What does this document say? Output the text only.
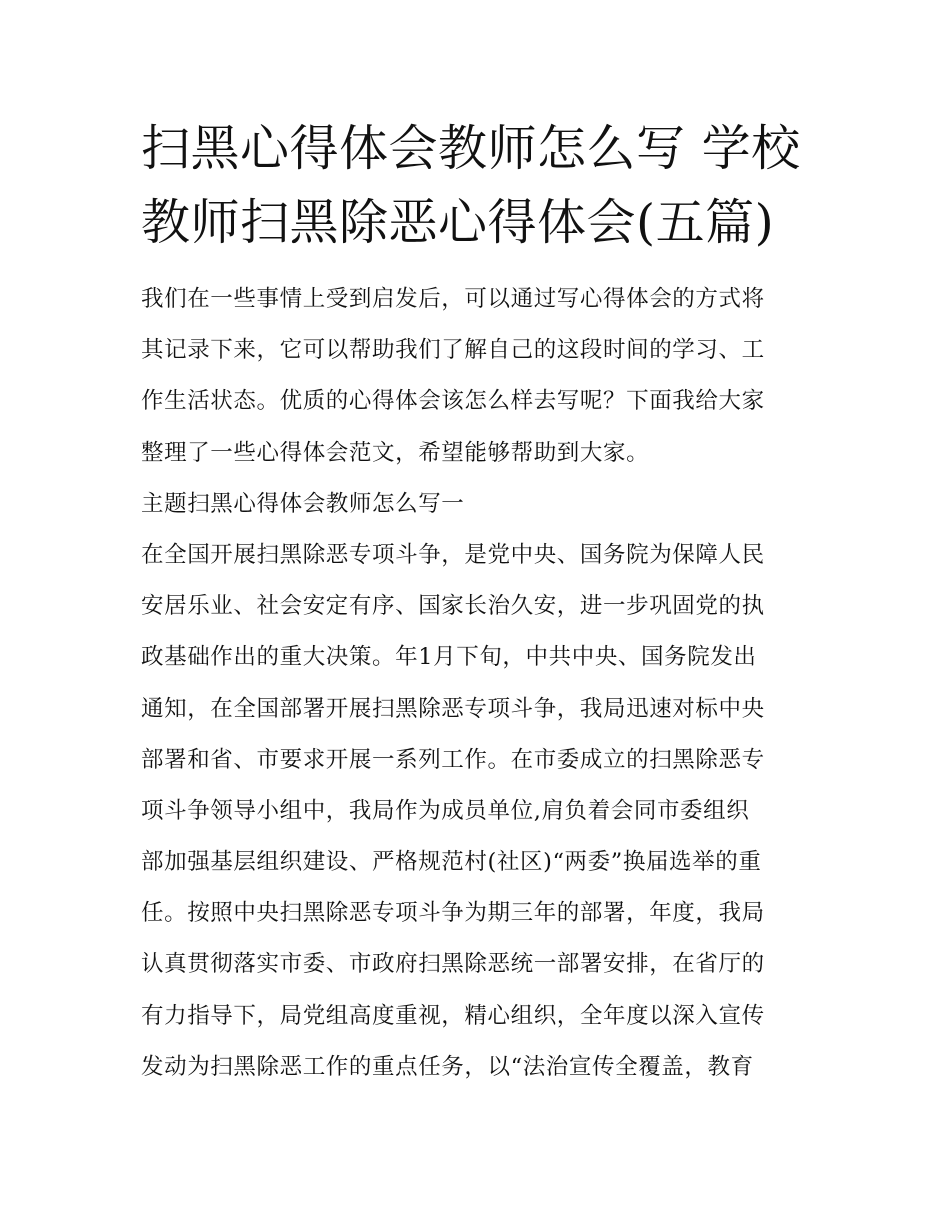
扫黑心得体会教师怎么写 学校
教师扫黑除恶心得体会(五篇)
我们在一些事情上受到启发后，可以通过写心得体会的方式将
其记录下来，它可以帮助我们了解自己的这段时间的学习、工
作生活状态。优质的心得体会该怎么样去写呢？下面我给大家
整理了一些心得体会范文，希望能够帮助到大家。
主题扫黑心得体会教师怎么写一
在全国开展扫黑除恶专项斗争，是党中央、国务院为保障人民
安居乐业、社会安定有序、国家长治久安，进一步巩固党的执
政基础作出的重大决策。年1月下旬，中共中央、国务院发出
通知，在全国部署开展扫黑除恶专项斗争，我局迅速对标中央
部署和省、市要求开展一系列工作。在市委成立的扫黑除恶专
项斗争领导小组中，我局作为成员单位,肩负着会同市委组织
部加强基层组织建设、严格规范村(社区)“两委”换届选举的重
任。按照中央扫黑除恶专项斗争为期三年的部署，年度，我局
认真贯彻落实市委、市政府扫黑除恶统一部署安排，在省厅的
有力指导下，局党组高度重视，精心组织，全年度以深入宣传
发动为扫黑除恶工作的重点任务，以“法治宣传全覆盖，教育
